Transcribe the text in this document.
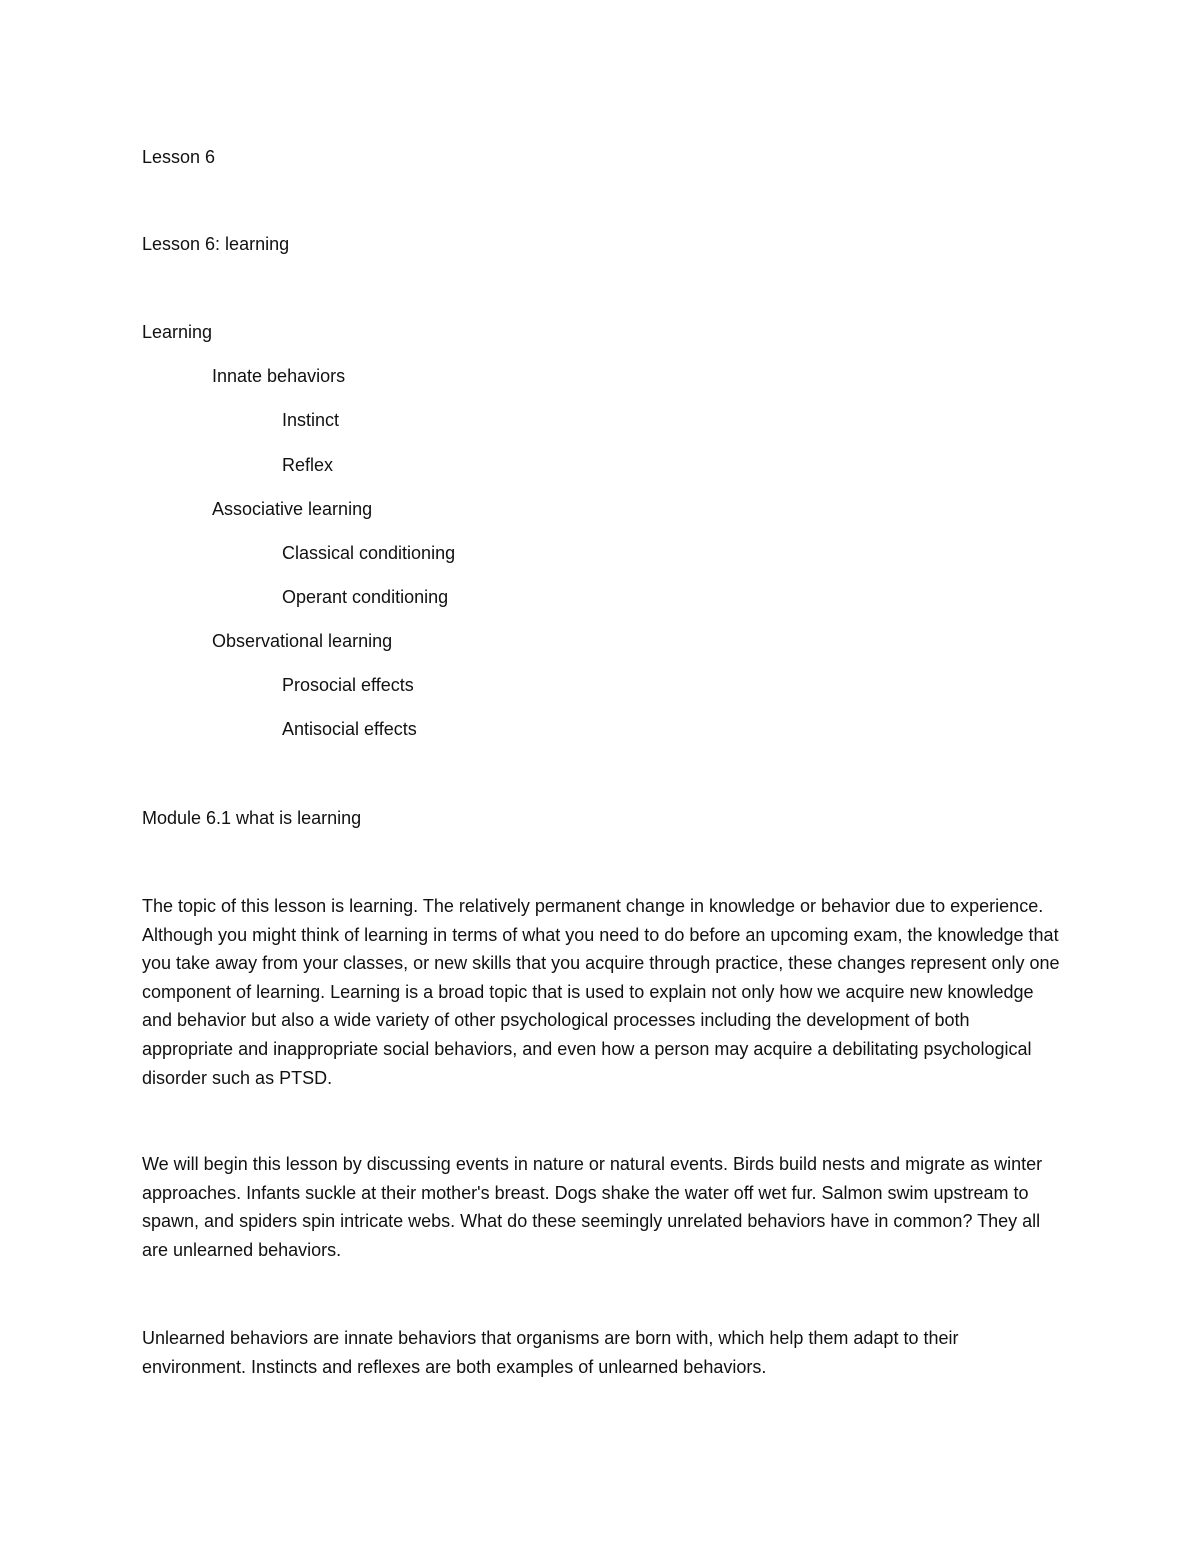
Lesson 6

Lesson 6: learning

Learning

Innate behaviors

Instinct

Reflex

Associative learning

Classical conditioning

Operant conditioning

Observational learning

Prosocial effects

Antisocial effects

Module 6.1 what is learning

The topic of this lesson is learning. The relatively permanent change in knowledge or behavior due to experience. Although you might think of learning in terms of what you need to do before an upcoming exam, the knowledge that you take away from your classes, or new skills that you acquire through practice, these changes represent only one component of learning. Learning is a broad topic that is used to explain not only how we acquire new knowledge and behavior but also a wide variety of other psychological processes including the development of both appropriate and inappropriate social behaviors, and even how a person may acquire a debilitating psychological disorder such as PTSD.

We will begin this lesson by discussing events in nature or natural events. Birds build nests and migrate as winter approaches. Infants suckle at their mother's breast. Dogs shake the water off wet fur. Salmon swim upstream to spawn, and spiders spin intricate webs. What do these seemingly unrelated behaviors have in common? They all are unlearned behaviors.

Unlearned behaviors are innate behaviors that organisms are born with, which help them adapt to their environment. Instincts and reflexes are both examples of unlearned behaviors.
